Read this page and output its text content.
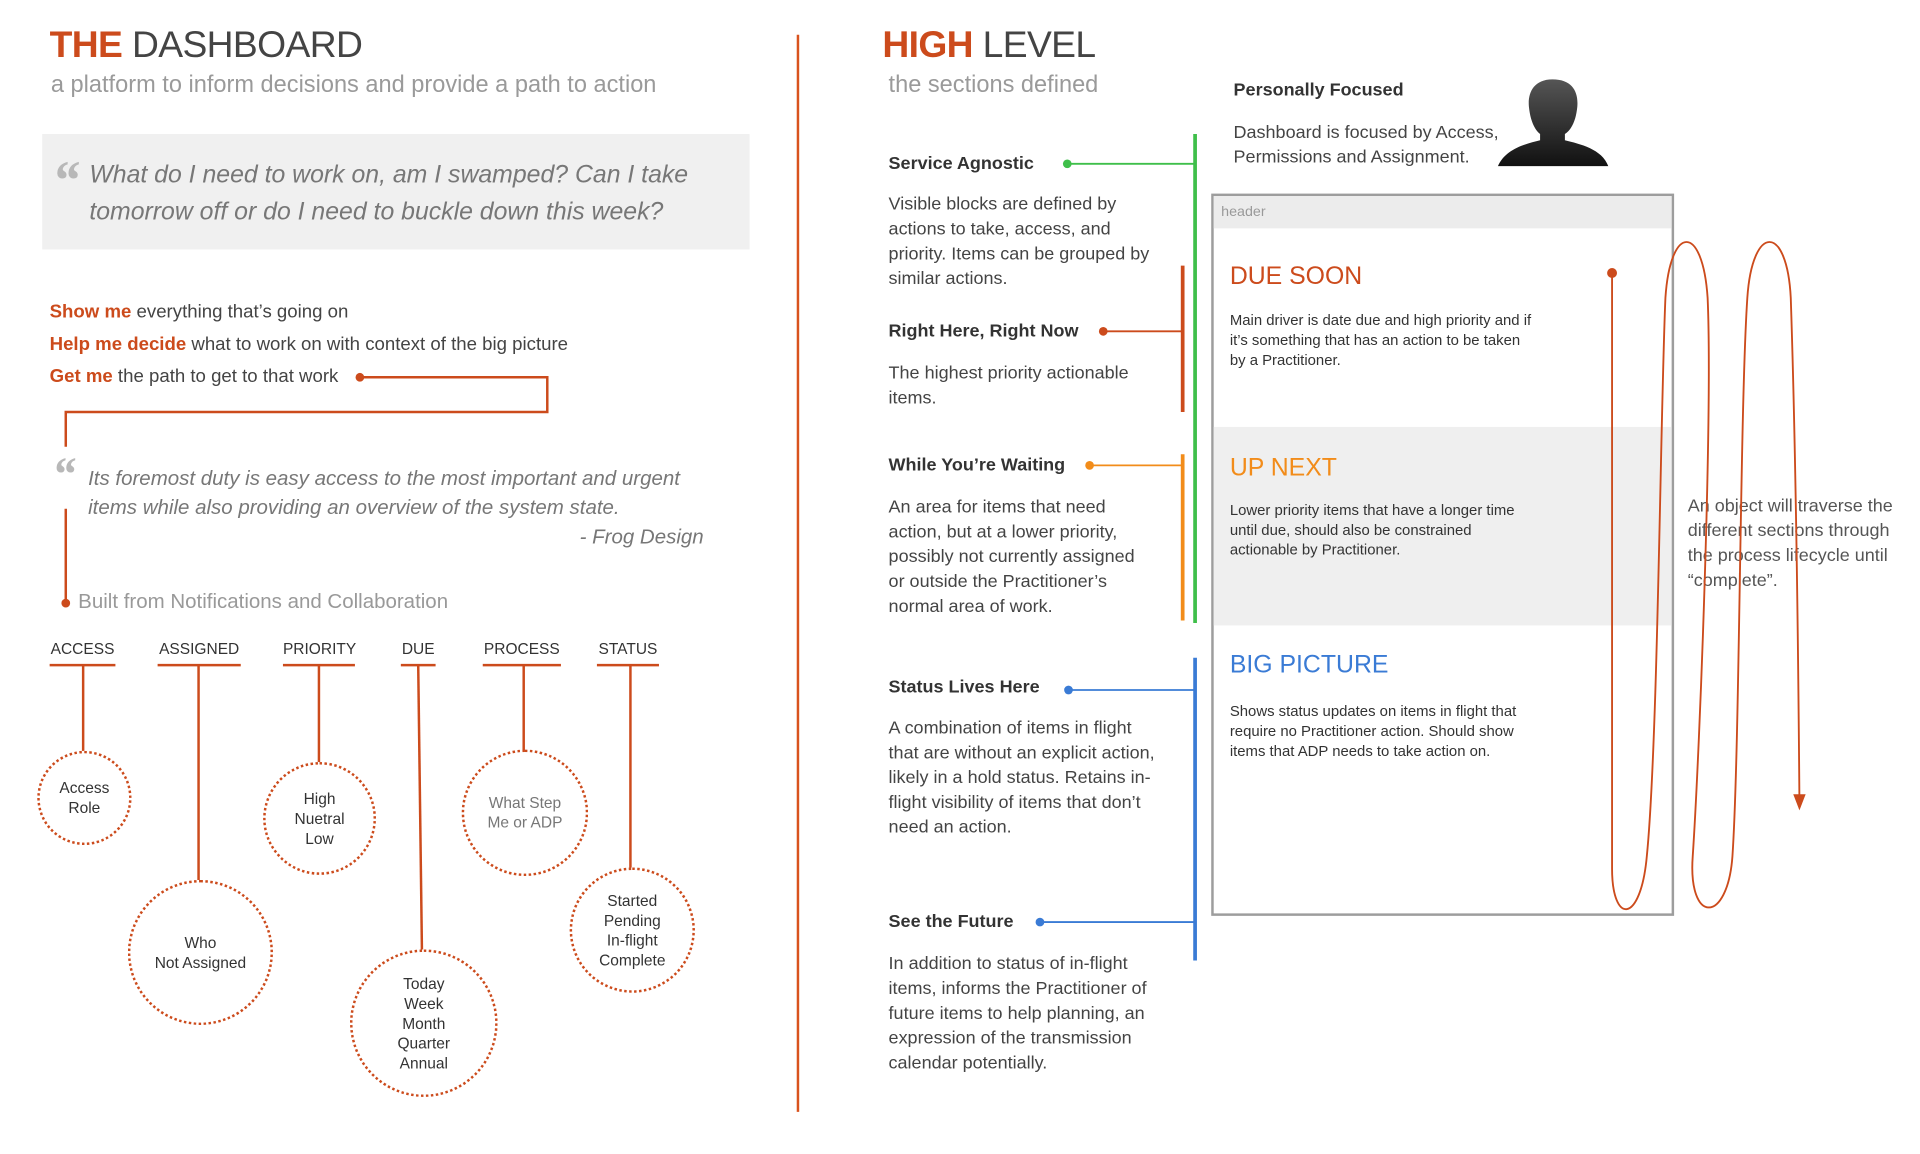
THE DASHBOARD
a platform to inform decisions and provide a path to action
“ What do I need to work on, am I swamped? Can I take tomorrow off or do I need to buckle down this week?
Show me everything that’s going on
Help me decide what to work on with context of the big picture
Get me the path to get to that work
“ Its foremost duty is easy access to the most important and urgent items while also providing an overview of the system state.
- Frog Design
Built from Notifications and Collaboration
ACCESS	ASSIGNED	PRIORITY	DUE	PROCESS	STATUS
Access
Role
Who
Not Assigned
High
Nuetral
Low
Today
Week
Month
Quarter
Annual
What Step
Me or ADP
Started
Pending
In-flight
Complete
HIGH LEVEL
the sections defined	Personally Focused
Dashboard is focused by Access, Permissions and Assignment.
Service Agnostic
Visible blocks are defined by actions to take, access, and priority. Items can be grouped by similar actions.
Right Here, Right Now
The highest priority actionable items.
While You’re Waiting
An area for items that need action, but at a lower priority, possibly not currently assigned or outside the Practitioner’s normal area of work.
Status Lives Here
A combination of items in flight that are without an explicit action, likely in a hold status. Retains in-flight visibility of items that don’t need an action.
See the Future
In addition to status of in-flight items, informs the Practitioner of future items to help planning, an expression of the transmission calendar potentially.
header
DUE SOON
Main driver is date due and high priority and if it’s something that has an action to be taken by a Practitioner.
UP NEXT
Lower priority items that have a longer time until due, should also be constrained actionable by Practitioner.
BIG PICTURE
Shows status updates on items in flight that require no Practitioner action. Should show items that ADP needs to take action on.
An object will traverse the different sections through the process lifecycle until “complete”.
